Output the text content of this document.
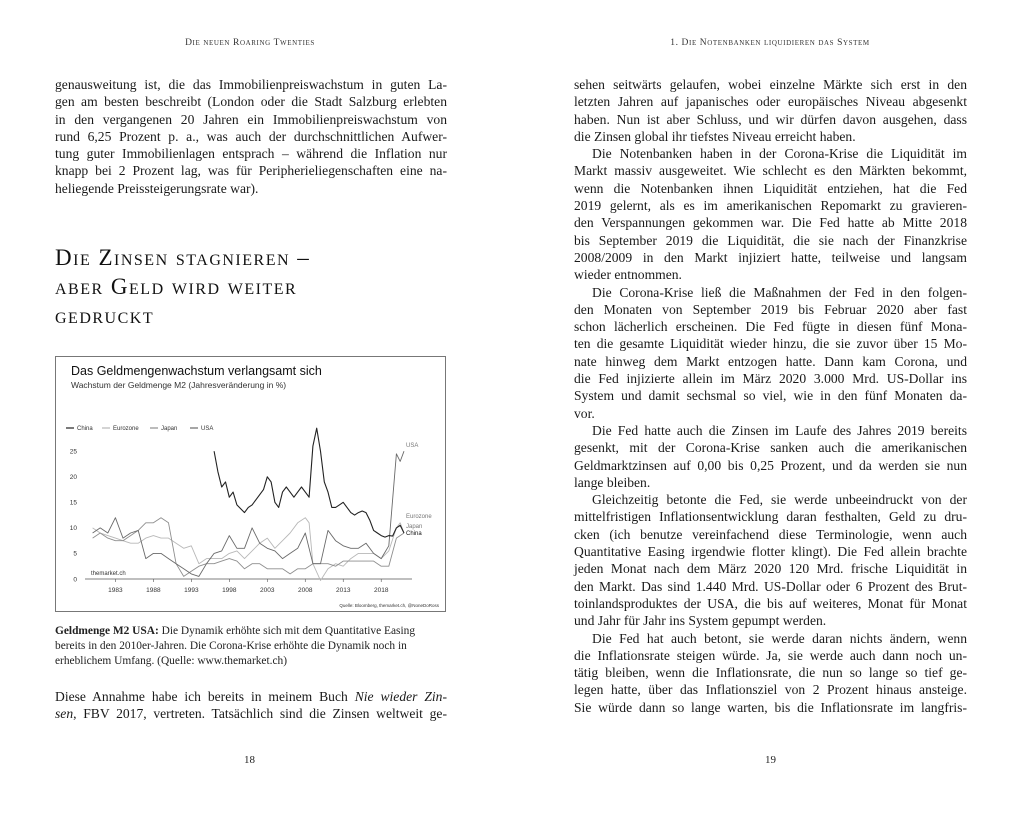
Die neuen Roaring Twenties

genausweitung ist, die das Immobilienpreiswachstum in guten La-
gen am besten beschreibt (London oder die Stadt Salzburg erlebten
in den vergangenen 20 Jahren ein Immobilienpreiswachstum von
rund 6,25 Prozent p. a., was auch der durchschnittlichen Aufwer-
tung guter Immobilienlagen entsprach – während die Inflation nur
knapp bei 2 Prozent lag, was für Peripherieliegenschaften eine na-
heliegende Preissteigerungsrate war).

Die Zinsen stagnieren –
aber Geld wird weiter
gedruckt
Das Geldmengenwachstum verlangsamt sich
Wachstum der Geldmenge M2 (Jahresveränderung in %)
0
5
10
15
20
25
1983	1988	1993	1998	2003	2008	2013	2018
China	Eurozone	Japan	USA
China
Eurozone
Japan
USA
themarket.ch
Quelle: Bloomberg, themarket.ch, @NoneDoRoss
Geldmenge M2 USA: Die Dynamik erhöhte sich mit dem Quantitative Easing
bereits in den 2010er-Jahren. Die Corona-Krise erhöhte die Dynamik noch in
erheblichem Umfang. (Quelle: www.themarket.ch)

Diese Annahme habe ich bereits in meinem Buch Nie wieder Zin-

sen, FBV 2017, vertreten. Tatsächlich sind die Zinsen weltweit ge-

18
1. Die Notenbanken liquidieren das System
sehen seitwärts gelaufen, wobei einzelne Märkte sich erst in den
letzten Jahren auf japanisches oder europäisches Niveau abgesenkt
haben. Nun ist aber Schluss, und wir dürfen davon ausgehen, dass
die Zinsen global ihr tiefstes Niveau erreicht haben.
Die Notenbanken haben in der Corona-Krise die Liquidität im
Markt massiv ausgeweitet. Wie schlecht es den Märkten bekommt,
wenn die Notenbanken ihnen Liquidität entziehen, hat die Fed
2019 gelernt, als es im amerikanischen Repomarkt zu gravieren-
den Verspannungen gekommen war. Die Fed hatte ab Mitte 2018
bis September 2019 die Liquidität, die sie nach der Finanzkrise
2008/2009 in den Markt injiziert hatte, teilweise und langsam
wieder entnommen.
Die Corona-Krise ließ die Maßnahmen der Fed in den folgen-
den Monaten von September 2019 bis Februar 2020 aber fast
schon lächerlich erscheinen. Die Fed fügte in diesen fünf Mona-
ten die gesamte Liquidität wieder hinzu, die sie zuvor über 15 Mo-
nate hinweg dem Markt entzogen hatte. Dann kam Corona, und
die Fed injizierte allein im März 2020 3.000 Mrd. US-Dollar ins
System und damit sechsmal so viel, wie in den fünf Monaten da-
vor.
Die Fed hatte auch die Zinsen im Laufe des Jahres 2019 bereits
gesenkt, mit der Corona-Krise sanken auch die amerikanischen
Geldmarktzinsen auf 0,00 bis 0,25 Prozent, und da werden sie nun
lange bleiben.
Gleichzeitig betonte die Fed, sie werde unbeeindruckt von der
mittelfristigen Inflationsentwicklung daran festhalten, Geld zu dru-
cken (ich benutze vereinfachend diese Terminologie, wenn auch
Quantitative Easing irgendwie flotter klingt). Die Fed allein brachte
jeden Monat nach dem März 2020 120 Mrd. frische Liquidität in
den Markt. Das sind 1.440 Mrd. US-Dollar oder 6 Prozent des Brut-
toinlandsproduktes der USA, die bis auf weiteres, Monat für Monat
und Jahr für Jahr ins System gepumpt werden.
Die Fed hat auch betont, sie werde daran nichts ändern, wenn
die Inflationsrate steigen würde. Ja, sie werde auch dann noch un-
tätig bleiben, wenn die Inflationsrate, die nun so lange so tief ge-
legen hatte, über das Inflationsziel von 2 Prozent hinaus ansteige.
Sie würde dann so lange warten, bis die Inflationsrate im langfris-
19
